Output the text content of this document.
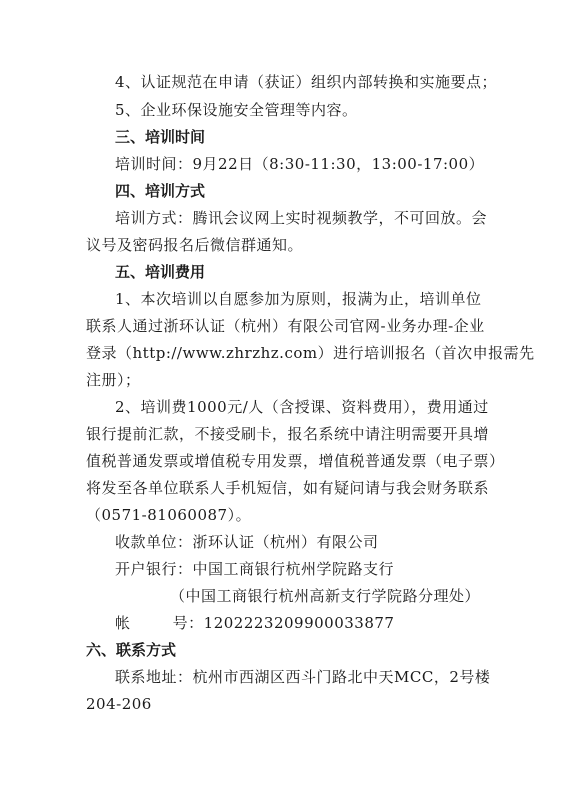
4、认证规范在申请（获证）组织内部转换和实施要点；
5、企业环保设施安全管理等内容。
三、培训时间
培训时间：9月22日（8:30-11:30，13:00-17:00）
四、培训方式
培训方式：腾讯会议网上实时视频教学，不可回放。会
议号及密码报名后微信群通知。
五、培训费用
1、本次培训以自愿参加为原则，报满为止，培训单位
联系人通过浙环认证（杭州）有限公司官网-业务办理-企业
登录（http://www.zhrzhz.com）进行培训报名（首次申报需先
注册）；
2、培训费1000元/人（含授课、资料费用），费用通过
银行提前汇款，不接受刷卡，报名系统中请注明需要开具增
值税普通发票或增值税专用发票，增值税普通发票（电子票）
将发至各单位联系人手机短信，如有疑问请与我会财务联系
（0571-81060087）。
收款单位：浙环认证（杭州）有限公司
开户银行：中国工商银行杭州学院路支行
（中国工商银行杭州高新支行学院路分理处）
帐        号：1202223209900033877
六、联系方式
联系地址：杭州市西湖区西斗门路北中天MCC，2号楼
204-206
